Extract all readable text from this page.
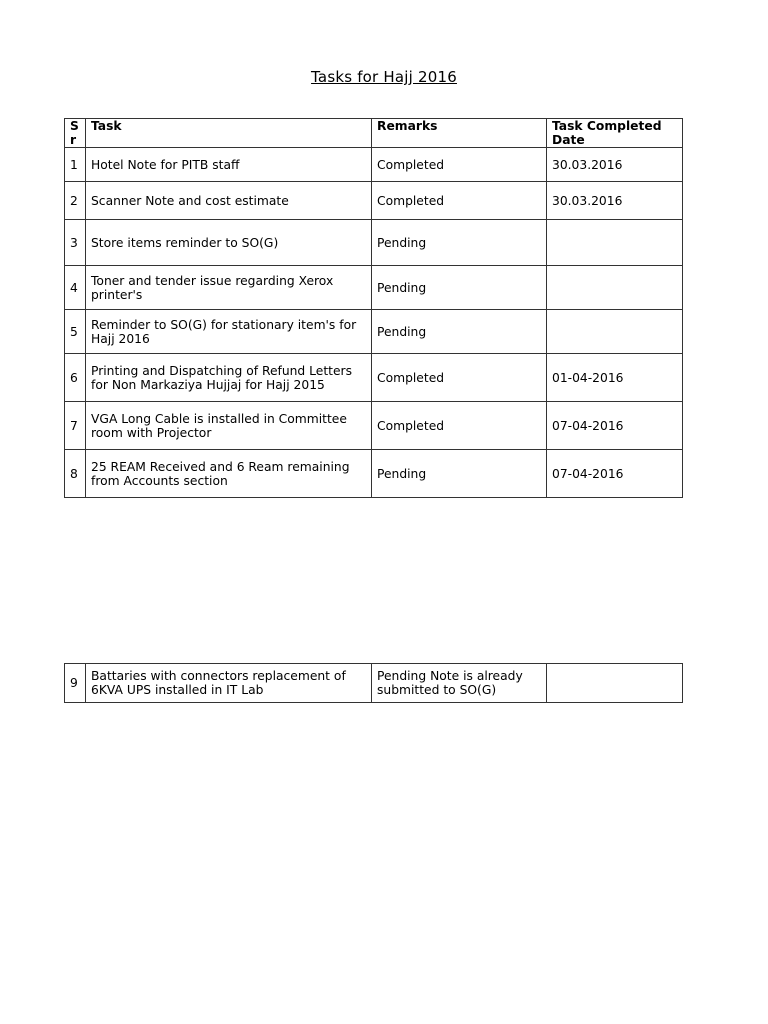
Tasks for Hajj 2016
S r	Task	Remarks	Task Completed Date
1	Hotel Note for PITB staff	Completed	30.03.2016
2	Scanner Note and cost estimate	Completed	30.03.2016
3	Store items reminder to SO(G)	Pending	
4	Toner and tender issue regarding Xerox printer's	Pending	
5	Reminder to SO(G) for stationary item's for Hajj 2016	Pending	
6	Printing and Dispatching of Refund Letters for Non Markaziya Hujjaj for Hajj 2015	Completed	01-04-2016
7	VGA Long Cable is installed in Committee room with Projector	Completed	07-04-2016
8	25 REAM Received and 6 Ream remaining from Accounts section	Pending	07-04-2016
9	Battaries with connectors replacement of 6KVA UPS installed in IT Lab	Pending Note is already submitted to SO(G)	
